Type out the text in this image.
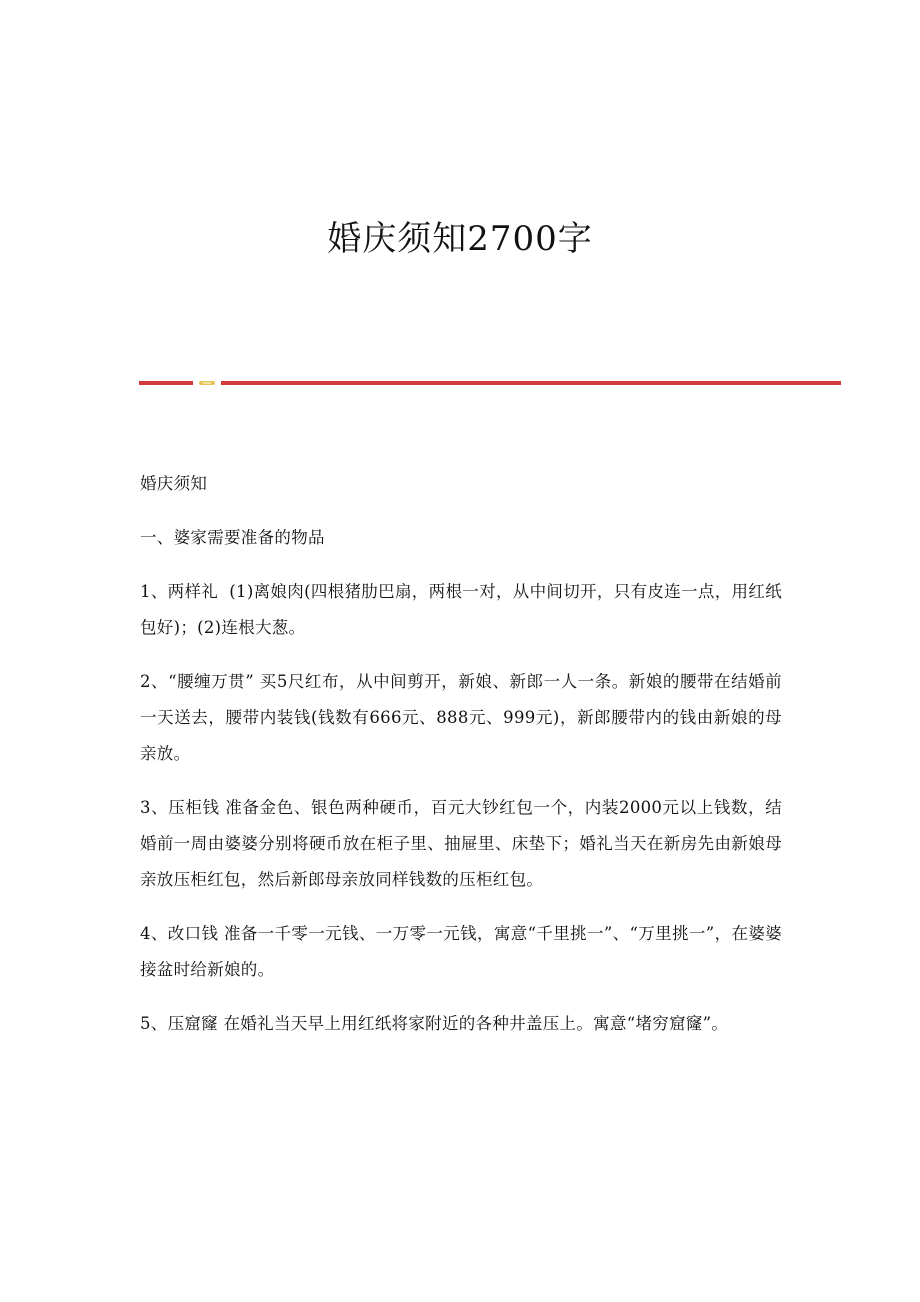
婚庆须知2700字

婚庆须知

一、婆家需要准备的物品

1、两样礼  (1)离娘肉(四根猪肋巴扇，两根一对，从中间切开，只有皮连一点，用红纸包好)；(2)连根大葱。

2、“腰缠万贯” 买5尺红布，从中间剪开，新娘、新郎一人一条。新娘的腰带在结婚前一天送去，腰带内装钱(钱数有666元、888元、999元)，新郎腰带内的钱由新娘的母亲放。

3、压柜钱 准备金色、银色两种硬币，百元大钞红包一个，内装2000元以上钱数，结婚前一周由婆婆分别将硬币放在柜子里、抽屉里、床垫下；婚礼当天在新房先由新娘母亲放压柜红包，然后新郎母亲放同样钱数的压柜红包。

4、改口钱 准备一千零一元钱、一万零一元钱，寓意“千里挑一”、“万里挑一”，在婆婆接盆时给新娘的。

5、压窟窿 在婚礼当天早上用红纸将家附近的各种井盖压上。寓意“堵穷窟窿”。
